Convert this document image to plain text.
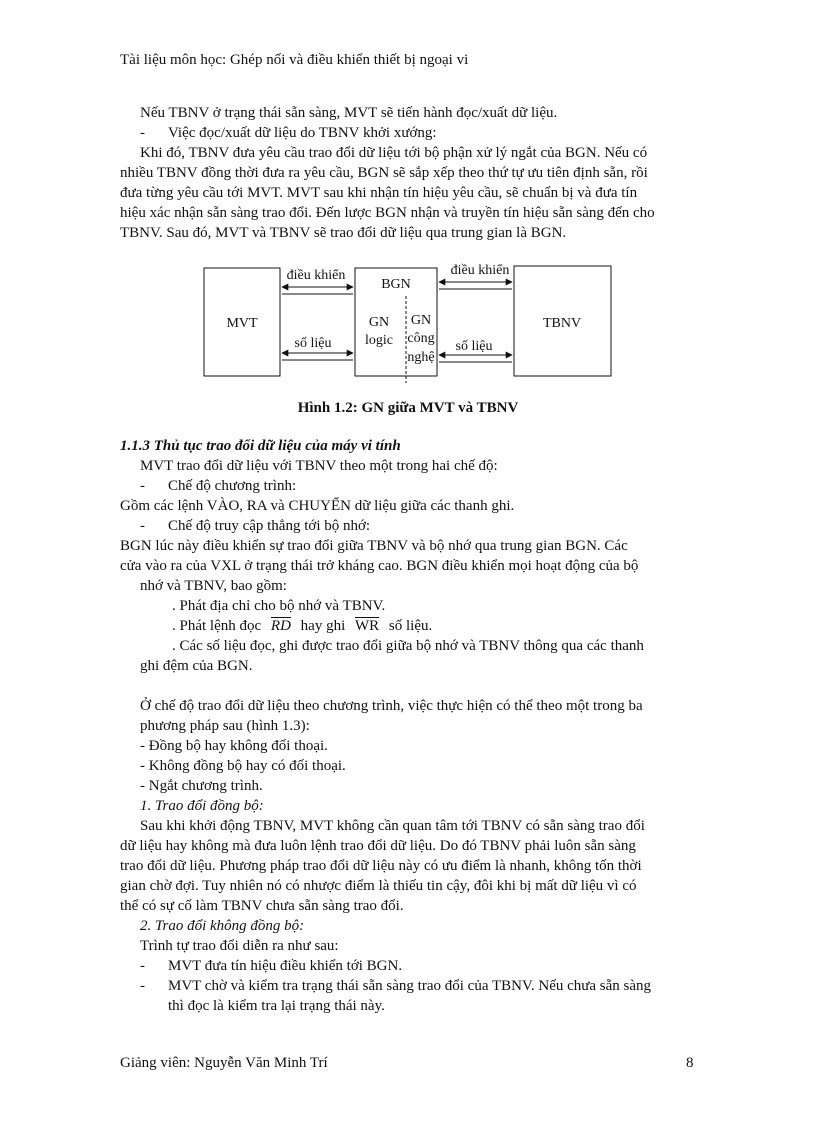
Tài liệu môn học: Ghép nối và điều khiển thiết bị ngoại vi
Nếu TBNV ở trạng thái sẵn sàng, MVT sẽ tiến hành đọc/xuất dữ liệu.
- Việc đọc/xuất dữ liệu do TBNV khởi xướng:
Khi đó, TBNV đưa yêu cầu trao đổi dữ liệu tới bộ phận xử lý ngắt của BGN. Nếu có
nhiều TBNV đồng thời đưa ra yêu cầu, BGN sẽ sắp xếp theo thứ tự ưu tiên định sẵn, rồi
đưa từng yêu cầu tới MVT. MVT sau khi nhận tín hiệu yêu cầu, sẽ chuẩn bị và đưa tín
hiệu xác nhận sẵn sàng trao đổi. Đến lược BGN nhận và truyền tín hiệu sẵn sàng đến cho
TBNV. Sau đó, MVT và TBNV sẽ trao đổi dữ liệu qua trung gian là BGN.
MVT
BGN
GN
logic
GN
công
nghệ
TBNV
điều khiển
số liệu
điều khiển
số liệu
Hình 1.2: GN giữa MVT và TBNV
1.1.3 Thủ tục trao đổi dữ liệu của máy vi tính
MVT trao đổi dữ liệu với TBNV theo một trong hai chế độ:
- Chế độ chương trình:
Gồm các lệnh VÀO, RA và CHUYỂN dữ liệu giữa các thanh ghi.
- Chế độ truy cập thẳng tới bộ nhớ:
BGN lúc này điều khiển sự trao đổi giữa TBNV và bộ nhớ qua trung gian BGN. Các
cửa vào ra của VXL ở trạng thái trở kháng cao. BGN điều khiển mọi hoạt động của bộ
nhớ và TBNV, bao gồm:
. Phát địa chỉ cho bộ nhớ và TBNV.
. Phát lệnh đọc $\overline{RD}$ hay ghi $\overline{WR}$ số liệu.
. Các số liệu đọc, ghi được trao đổi giữa bộ nhớ và TBNV thông qua các thanh
ghi đệm của BGN.
Ở chế độ trao đổi dữ liệu theo chương trình, việc thực hiện có thể theo một trong ba
phương pháp sau (hình 1.3):
- Đồng bộ hay không đối thoại.
- Không đồng bộ hay có đối thoại.
- Ngắt chương trình.
1. Trao đổi đồng bộ:
Sau khi khởi động TBNV, MVT không cần quan tâm tới TBNV có sẵn sàng trao đổi
dữ liệu hay không mà đưa luôn lệnh trao đổi dữ liệu. Do đó TBNV phải luôn sẵn sàng
trao đổi dữ liệu. Phương pháp trao đổi dữ liệu này có ưu điểm là nhanh, không tốn thời
gian chờ đợi. Tuy nhiên nó có nhược điểm là thiếu tin cậy, đôi khi bị mất dữ liệu vì có
thể có sự cố làm TBNV chưa sẵn sàng trao đổi.
2. Trao đổi không đồng bộ:
Trình tự trao đổi diễn ra như sau:
- MVT đưa tín hiệu điều khiển tới BGN.
- MVT chờ và kiểm tra trạng thái sẵn sàng trao đổi của TBNV. Nếu chưa sẵn sàng
thì đọc là kiểm tra lại trạng thái này.
Giảng viên: Nguyễn Văn Minh Trí	8
